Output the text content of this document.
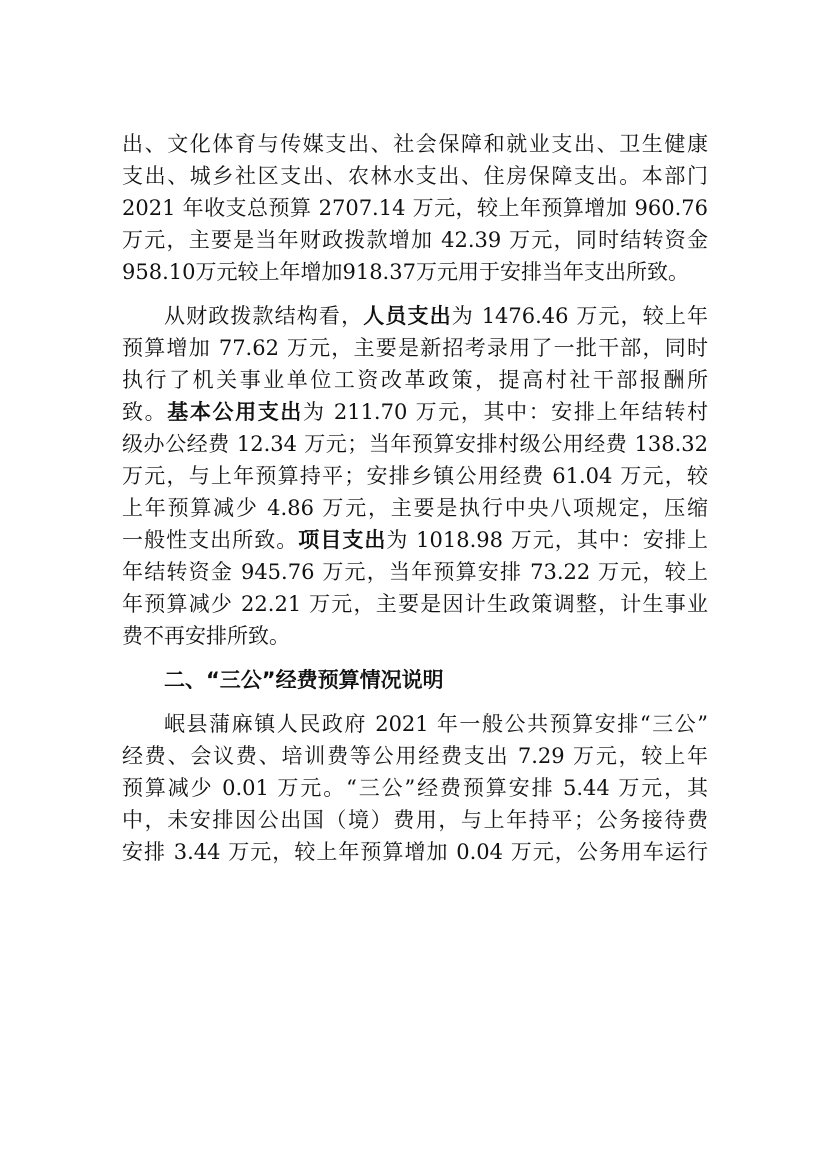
出、文化体育与传媒支出、社会保障和就业支出、卫生健康
支出、城乡社区支出、农林水支出、住房保障支出。本部门
2021 年收支总预算 2707.14 万元，较上年预算增加 960.76
万元，主要是当年财政拨款增加 42.39 万元，同时结转资金
958.10万元较上年增加918.37万元用于安排当年支出所致。
从财政拨款结构看，人员支出为 1476.46 万元，较上年
预算增加 77.62 万元，主要是新招考录用了一批干部，同时
执行了机关事业单位工资改革政策，提高村社干部报酬所
致。基本公用支出为 211.70 万元，其中：安排上年结转村
级办公经费 12.34 万元；当年预算安排村级公用经费 138.32
万元，与上年预算持平；安排乡镇公用经费 61.04 万元，较
上年预算减少 4.86 万元，主要是执行中央八项规定，压缩
一般性支出所致。项目支出为 1018.98 万元，其中：安排上
年结转资金 945.76 万元，当年预算安排 73.22 万元，较上
年预算减少 22.21 万元，主要是因计生政策调整，计生事业
费不再安排所致。
二、“三公”经费预算情况说明
岷县蒲麻镇人民政府 2021 年一般公共预算安排“三公”
经费、会议费、培训费等公用经费支出 7.29 万元，较上年
预算减少 0.01 万元。“三公”经费预算安排 5.44 万元，其
中，未安排因公出国（境）费用，与上年持平；公务接待费
安排 3.44 万元，较上年预算增加 0.04 万元，公务用车运行
